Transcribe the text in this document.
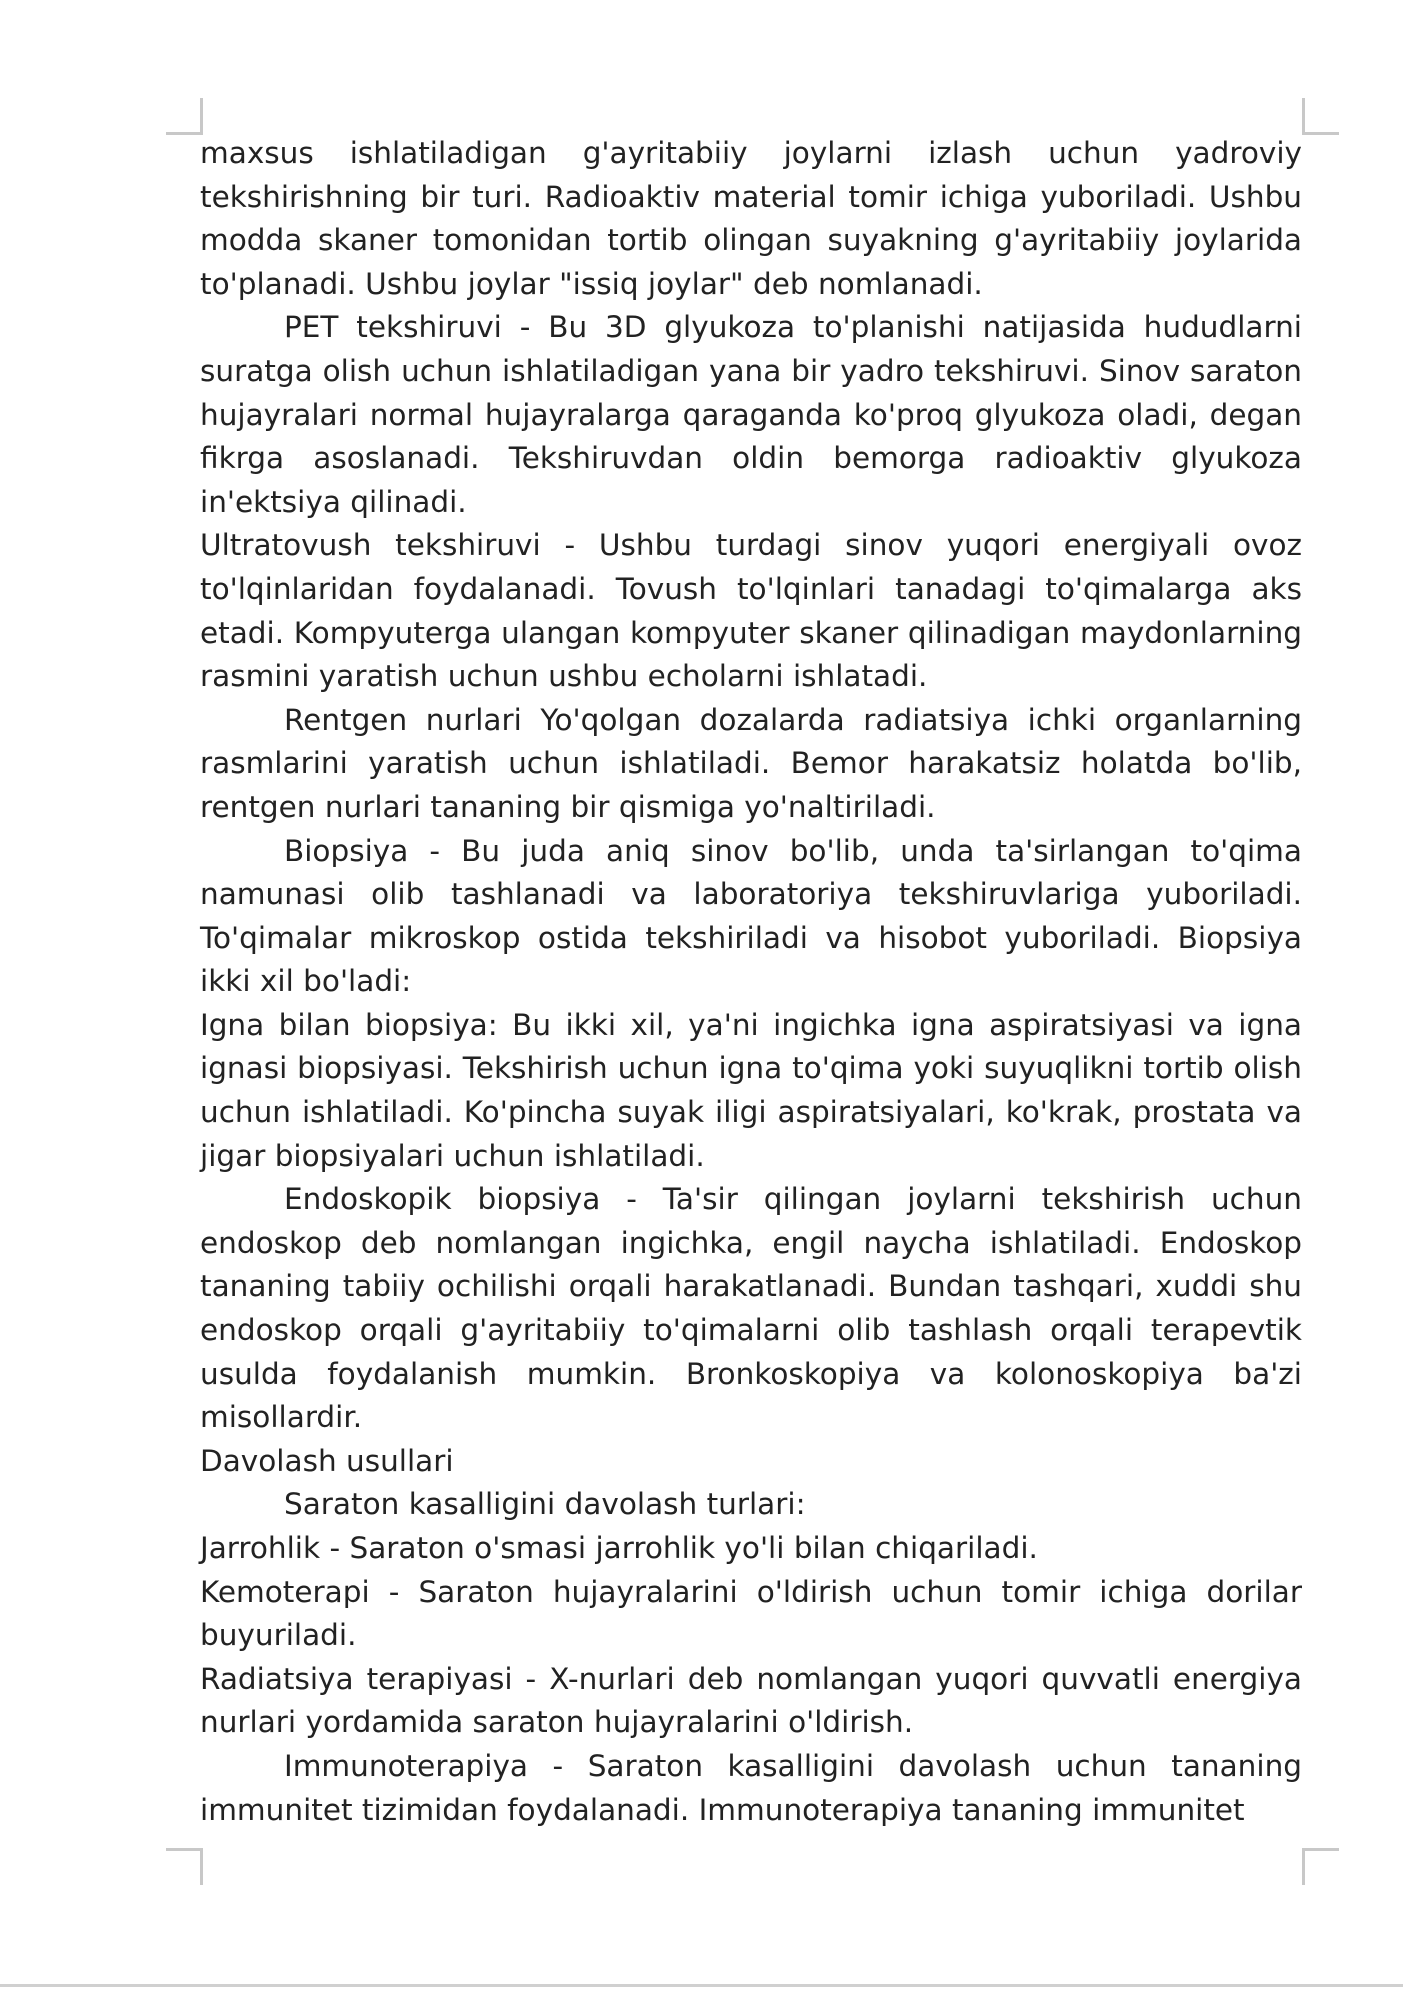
maxsus ishlatiladigan g'ayritabiiy joylarni izlash uchun yadroviy tekshirishning bir turi. Radioaktiv material tomir ichiga yuboriladi. Ushbu modda skaner tomonidan tortib olingan suyakning g'ayritabiiy joylarida to'planadi. Ushbu joylar "issiq joylar" deb nomlanadi.

PET tekshiruvi - Bu 3D glyukoza to'planishi natijasida hududlarni suratga olish uchun ishlatiladigan yana bir yadro tekshiruvi. Sinov saraton hujayralari normal hujayralarga qaraganda ko'proq glyukoza oladi, degan fikrga asoslanadi. Tekshiruvdan oldin bemorga radioaktiv glyukoza in'ektsiya qilinadi.

Ultratovush tekshiruvi - Ushbu turdagi sinov yuqori energiyali ovoz to'lqinlaridan foydalanadi. Tovush to'lqinlari tanadagi to'qimalarga aks etadi. Kompyuterga ulangan kompyuter skaner qilinadigan maydonlarning rasmini yaratish uchun ushbu echolarni ishlatadi.

Rentgen nurlari Yo'qolgan dozalarda radiatsiya ichki organlarning rasmlarini yaratish uchun ishlatiladi. Bemor harakatsiz holatda bo'lib, rentgen nurlari tananing bir qismiga yo'naltiriladi.

Biopsiya - Bu juda aniq sinov bo'lib, unda ta'sirlangan to'qima namunasi olib tashlanadi va laboratoriya tekshiruvlariga yuboriladi. To'qimalar mikroskop ostida tekshiriladi va hisobot yuboriladi. Biopsiya ikki xil bo'ladi:

Igna bilan biopsiya: Bu ikki xil, ya'ni ingichka igna aspiratsiyasi va igna ignasi biopsiyasi. Tekshirish uchun igna to'qima yoki suyuqlikni tortib olish uchun ishlatiladi. Ko'pincha suyak iligi aspiratsiyalari, ko'krak, prostata va jigar biopsiyalari uchun ishlatiladi.

Endoskopik biopsiya - Ta'sir qilingan joylarni tekshirish uchun endoskop deb nomlangan ingichka, engil naycha ishlatiladi. Endoskop tananing tabiiy ochilishi orqali harakatlanadi. Bundan tashqari, xuddi shu endoskop orqali g'ayritabiiy to'qimalarni olib tashlash orqali terapevtik usulda foydalanish mumkin. Bronkoskopiya va kolonoskopiya ba'zi misollardir.

Davolash usullari

Saraton kasalligini davolash turlari:

Jarrohlik - Saraton o'smasi jarrohlik yo'li bilan chiqariladi.

Kemoterapi - Saraton hujayralarini o'ldirish uchun tomir ichiga dorilar buyuriladi.

Radiatsiya terapiyasi - X-nurlari deb nomlangan yuqori quvvatli energiya nurlari yordamida saraton hujayralarini o'ldirish.

Immunoterapiya - Saraton kasalligini davolash uchun tananing immunitet tizimidan foydalanadi. Immunoterapiya tananing immunitet
